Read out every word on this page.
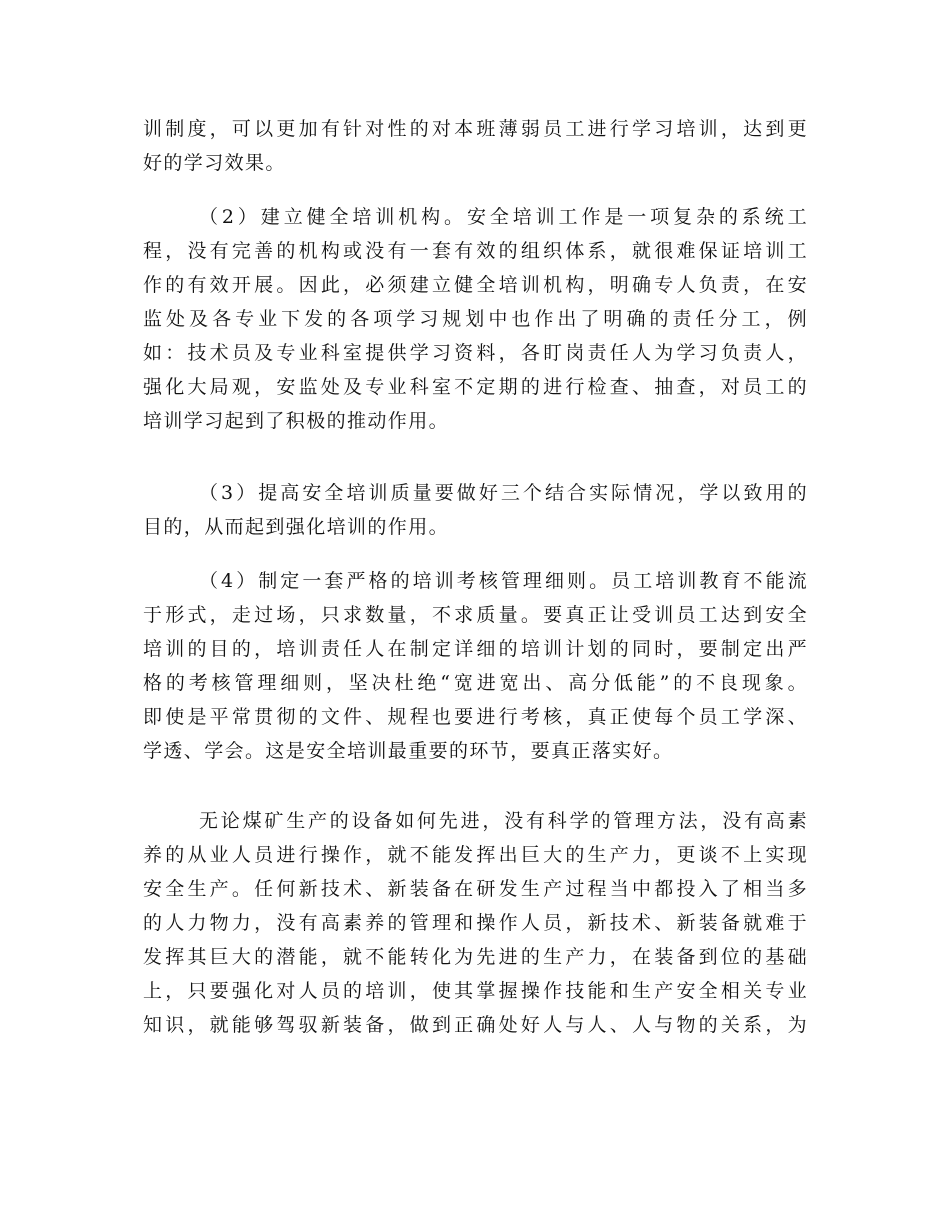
训制度，可以更加有针对性的对本班薄弱员工进行学习培训，达到更
好的学习效果。
（2）建立健全培训机构。安全培训工作是一项复杂的系统工
程，没有完善的机构或没有一套有效的组织体系，就很难保证培训工
作的有效开展。因此，必须建立健全培训机构，明确专人负责，在安
监处及各专业下发的各项学习规划中也作出了明确的责任分工，例
如：技术员及专业科室提供学习资料，各盯岗责任人为学习负责人，
强化大局观，安监处及专业科室不定期的进行检查、抽查，对员工的
培训学习起到了积极的推动作用。
（3）提高安全培训质量要做好三个结合实际情况，学以致用的
目的，从而起到强化培训的作用。
（4）制定一套严格的培训考核管理细则。员工培训教育不能流
于形式，走过场，只求数量，不求质量。要真正让受训员工达到安全
培训的目的，培训责任人在制定详细的培训计划的同时，要制定出严
格的考核管理细则，坚决杜绝“宽进宽出、高分低能”的不良现象。
即使是平常贯彻的文件、规程也要进行考核，真正使每个员工学深、
学透、学会。这是安全培训最重要的环节，要真正落实好。
无论煤矿生产的设备如何先进，没有科学的管理方法，没有高素
养的从业人员进行操作，就不能发挥出巨大的生产力，更谈不上实现
安全生产。任何新技术、新装备在研发生产过程当中都投入了相当多
的人力物力，没有高素养的管理和操作人员，新技术、新装备就难于
发挥其巨大的潜能，就不能转化为先进的生产力，在装备到位的基础
上，只要强化对人员的培训，使其掌握操作技能和生产安全相关专业
知识，就能够驾驭新装备，做到正确处好人与人、人与物的关系，为
